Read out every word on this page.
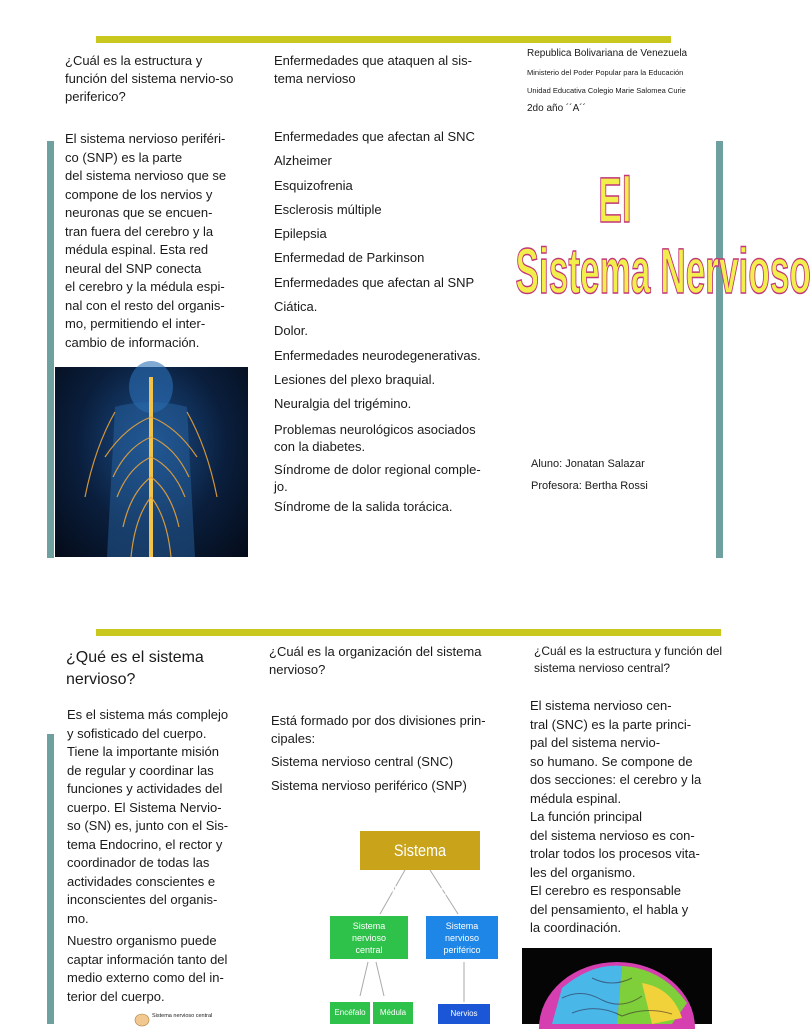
¿Cuál es la estructura y función del sistema nervio-so periferico?
El sistema nervioso periféri-
co (SNP) es la parte
del sistema nervioso que se
compone de los nervios y
neuronas que se encuen-
tran fuera del cerebro y la
médula espinal. Esta red
neural del SNP conecta
el cerebro y la médula espi-
nal con el resto del organis-
mo, permitiendo el inter-
cambio de información.
Enfermedades que ataquen al sis-tema nervioso
Enfermedades que afectan al SNC
Alzheimer
Esquizofrenia
Esclerosis múltiple
Epilepsia
Enfermedad de Parkinson
Enfermedades que afectan al SNP
Ciática.
Dolor.
Enfermedades neurodegenerativas.
Lesiones del plexo braquial.
Neuralgia del trigémino.
Problemas neurológicos asociados
con la diabetes.
Síndrome de dolor regional comple-
jo.
Síndrome de la salida torácica.
Republica Bolivariana de Venezuela
Ministerio del Poder Popular para la Educación
Unidad Educativa Colegio Marie Salomea Curie
2do año ´´A´´
El
Sistema Nervioso
Aluno: Jonatan Salazar
Profesora: Bertha Rossi
¿Qué es el sistema nervioso?
Es el sistema más complejo
y sofisticado del cuerpo.
Tiene la importante misión
de regular y coordinar las
funciones y actividades del
cuerpo. El Sistema Nervio-
so (SN) es, junto con el Sis-
tema Endocrino, el rector y
coordinador de todas las
actividades conscientes e
inconscientes del organis-
mo.
Nuestro organismo puede
captar información tanto del
medio externo como del in-
terior del cuerpo.
Sistema nervioso central
¿Cuál es la organización del sistema nervioso?
Está formado por dos divisiones prin-
cipales:
Sistema nervioso central (SNC)
Sistema nervioso periférico (SNP)
Sistema Nervioso
Sistema nervioso central
Sistema nervioso periférico
Encéfalo	Médula	Nervios
¿Cuál es la estructura y función del sistema nervioso central?
El sistema nervioso cen-
tral (SNC) es la parte princi-
pal del sistema nervio-
so humano. Se compone de
dos secciones: el cerebro y la
médula espinal.
La función principal
del sistema nervioso es con-
trolar todos los procesos vita-
les del organismo.
El cerebro es responsable
del pensamiento, el habla y
la coordinación.
